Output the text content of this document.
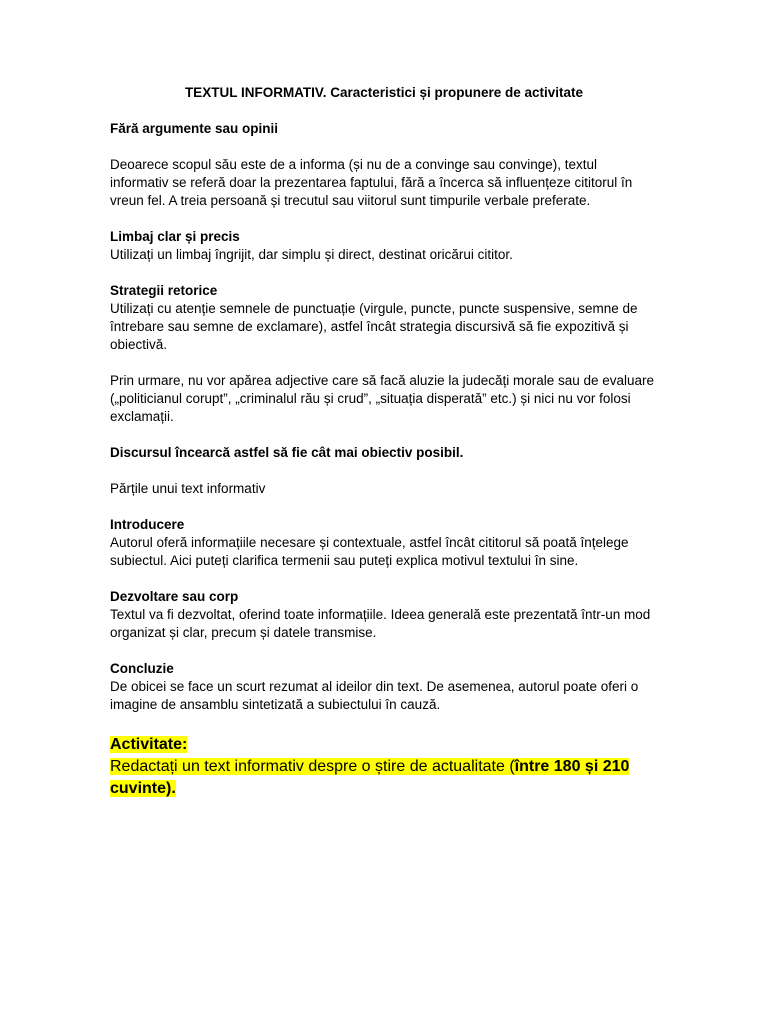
TEXTUL INFORMATIV. Caracteristici și propunere de activitate
Fără argumente sau opinii
Deoarece scopul său este de a informa (și nu de a convinge sau convinge), textul informativ se referă doar la prezentarea faptului, fără a încerca să influențeze cititorul în vreun fel. A treia persoană și trecutul sau viitorul sunt timpurile verbale preferate.
Limbaj clar și precis
Utilizați un limbaj îngrijit, dar simplu și direct, destinat oricărui cititor.
Strategii retorice
Utilizați cu atenție semnele de punctuație (virgule, puncte, puncte suspensive, semne de întrebare sau semne de exclamare), astfel încât strategia discursivă să fie expozitivă și obiectivă.
Prin urmare, nu vor apărea adjective care să facă aluzie la judecăți morale sau de evaluare („politicianul corupt”, „criminalul rău și crud”, „situația disperată” etc.) și nici nu vor folosi exclamații.
Discursul încearcă astfel să fie cât mai obiectiv posibil.
Părțile unui text informativ
Introducere
Autorul oferă informațiile necesare și contextuale, astfel încât cititorul să poată înțelege subiectul. Aici puteți clarifica termenii sau puteți explica motivul textului în sine.
Dezvoltare sau corp
Textul va fi dezvoltat, oferind toate informațiile. Ideea generală este prezentată într-un mod organizat și clar, precum și datele transmise.
Concluzie
De obicei se face un scurt rezumat al ideilor din text. De asemenea, autorul poate oferi o imagine de ansamblu sintetizată a subiectului în cauză.
Activitate:
Redactați un text informativ despre o știre de actualitate (între 180 și 210 cuvinte).
